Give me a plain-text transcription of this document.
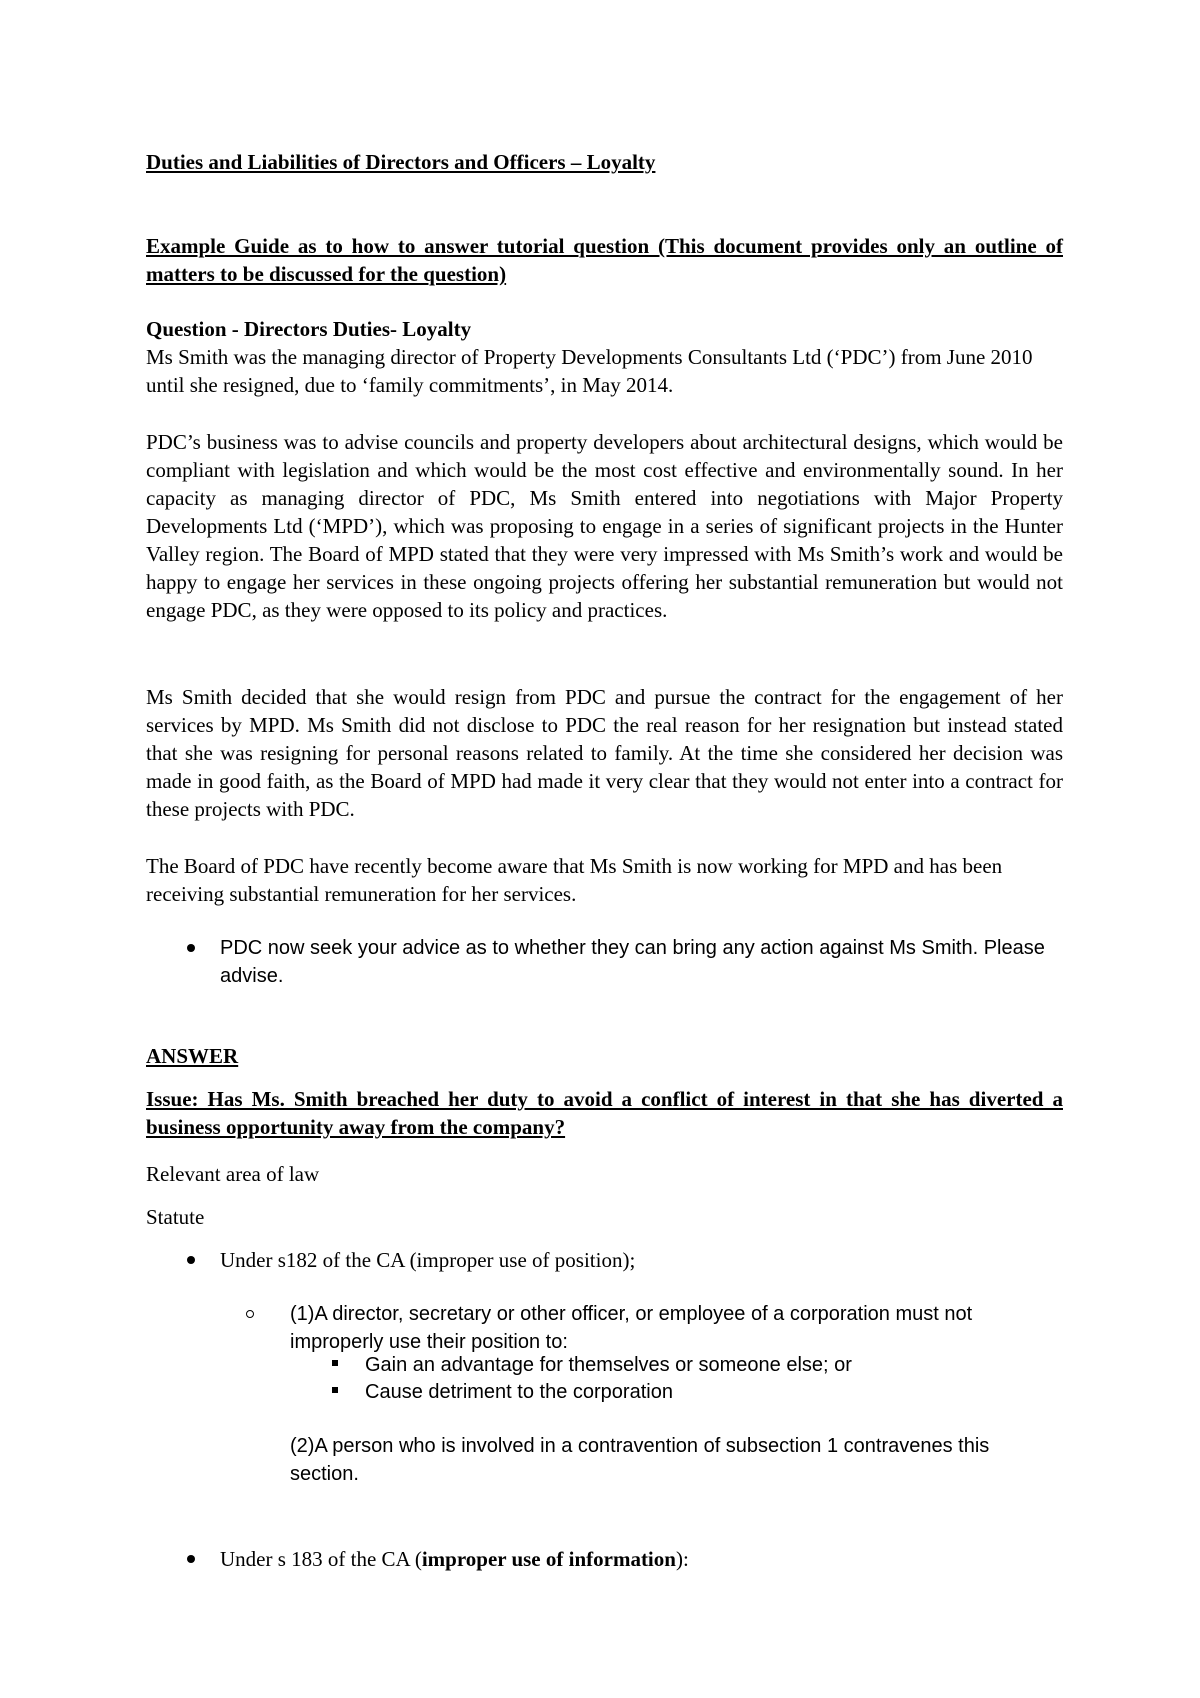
Duties and Liabilities of Directors and Officers – Loyalty
Example Guide as to how to answer tutorial question (This document provides only an outline of matters to be discussed for the question)
Question - Directors Duties- Loyalty
Ms Smith was the managing director of Property Developments Consultants Ltd (‘PDC’) from June 2010 until she resigned, due to ‘family commitments’, in May 2014.
PDC’s business was to advise councils and property developers about architectural designs, which would be compliant with legislation and which would be the most cost effective and environmentally sound. In her capacity as managing director of PDC, Ms Smith entered into negotiations with Major Property Developments Ltd (‘MPD’), which was proposing to engage in a series of significant projects in the Hunter Valley region. The Board of MPD stated that they were very impressed with Ms Smith’s work and would be happy to engage her services in these ongoing projects offering her substantial remuneration but would not engage PDC, as they were opposed to its policy and practices.
Ms Smith decided that she would resign from PDC and pursue the contract for the engagement of her services by MPD. Ms Smith did not disclose to PDC the real reason for her resignation but instead stated that she was resigning for personal reasons related to family. At the time she considered her decision was made in good faith, as the Board of MPD had made it very clear that they would not enter into a contract for these projects with PDC.
The Board of PDC have recently become aware that Ms Smith is now working for MPD and has been receiving substantial remuneration for her services.
PDC now seek your advice as to whether they can bring any action against Ms Smith. Please advise.
ANSWER
Issue: Has Ms. Smith breached her duty to avoid a conflict of interest in that she has diverted a business opportunity away from the company?
Relevant area of law
Statute
Under s182 of the CA (improper use of position);
(1)A director, secretary or other officer, or employee of a corporation must not improperly use their position to:
Gain an advantage for themselves or someone else; or
Cause detriment to the corporation
(2)A person who is involved in a contravention of subsection 1 contravenes this section.
Under s 183 of the CA (improper use of information):
